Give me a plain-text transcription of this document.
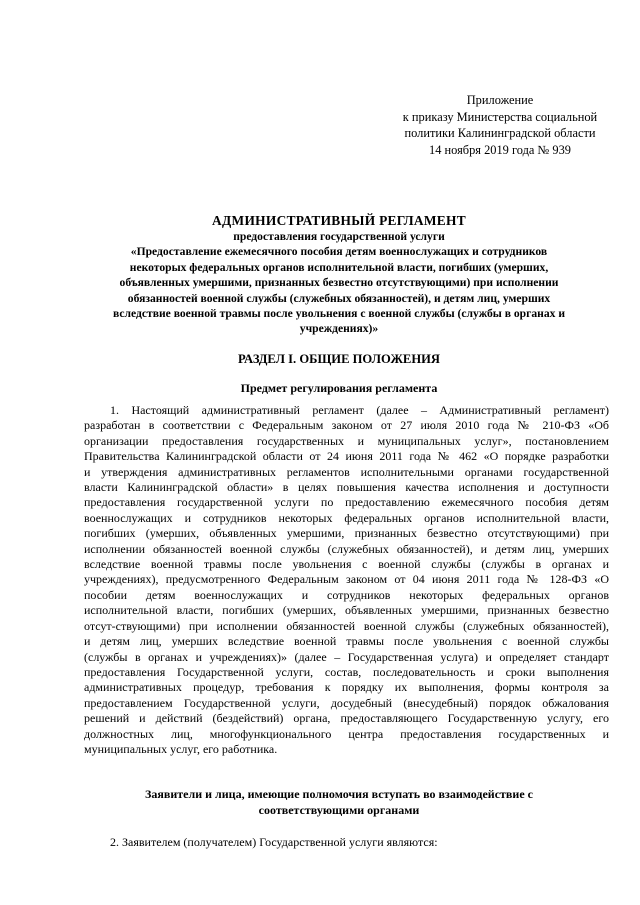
Приложение
к приказу Министерства социальной
политики Калининградской области
14 ноября 2019 года № 939
АДМИНИСТРАТИВНЫЙ РЕГЛАМЕНТ
предоставления государственной услуги
«Предоставление ежемесячного пособия детям военнослужащих и сотрудников
некоторых федеральных органов исполнительной власти, погибших (умерших,
объявленных умершими, признанных безвестно отсутствующими) при исполнении
обязанностей военной службы (служебных обязанностей), и детям лиц, умерших
вследствие военной травмы после увольнения с военной службы (службы в органах и
учреждениях)»
РАЗДЕЛ I. ОБЩИЕ ПОЛОЖЕНИЯ
Предмет регулирования регламента
1. Настоящий административный регламент (далее – Административный регламент)
разработан в соответствии с Федеральным законом от 27 июля 2010 года № 210-ФЗ «Об
организации предоставления государственных и муниципальных услуг», постановлением
Правительства Калининградской области от 24 июня 2011 года № 462 «О порядке разработки
и утверждения административных регламентов исполнительными органами государственной
власти Калининградской области» в целях повышения качества исполнения и доступности
предоставления государственной услуги по предоставлению ежемесячного пособия детям
военнослужащих и сотрудников некоторых федеральных органов исполнительной власти,
погибших (умерших, объявленных умершими, признанных безвестно отсутствующими) при
исполнении обязанностей военной службы (служебных обязанностей), и детям лиц, умерших
вследствие военной травмы после увольнения с военной службы (службы в органах и
учреждениях), предусмотренного Федеральным законом от 04 июня 2011 года № 128-ФЗ «О
пособии детям военнослужащих и сотрудников некоторых федеральных органов
исполнительной власти, погибших (умерших, объявленных умершими, признанных безвестно
отсут-ствующими) при исполнении обязанностей военной службы (служебных обязанностей),
и детям лиц, умерших вследствие военной травмы после увольнения с военной службы
(службы в органах и учреждениях)» (далее – Государственная услуга) и определяет стандарт
предоставления Государственной услуги, состав, последовательность и сроки выполнения
административных процедур, требования к порядку их выполнения, формы контроля за
предоставлением Государственной услуги, досудебный (внесудебный) порядок обжалования
решений и действий (бездействий) органа, предоставляющего Государственную услугу, его
должностных лиц, многофункционального центра предоставления государственных и
муниципальных услуг, его работника.
Заявители и лица, имеющие полномочия вступать во взаимодействие с
соответствующими органами
2. Заявителем (получателем) Государственной услуги являются:
